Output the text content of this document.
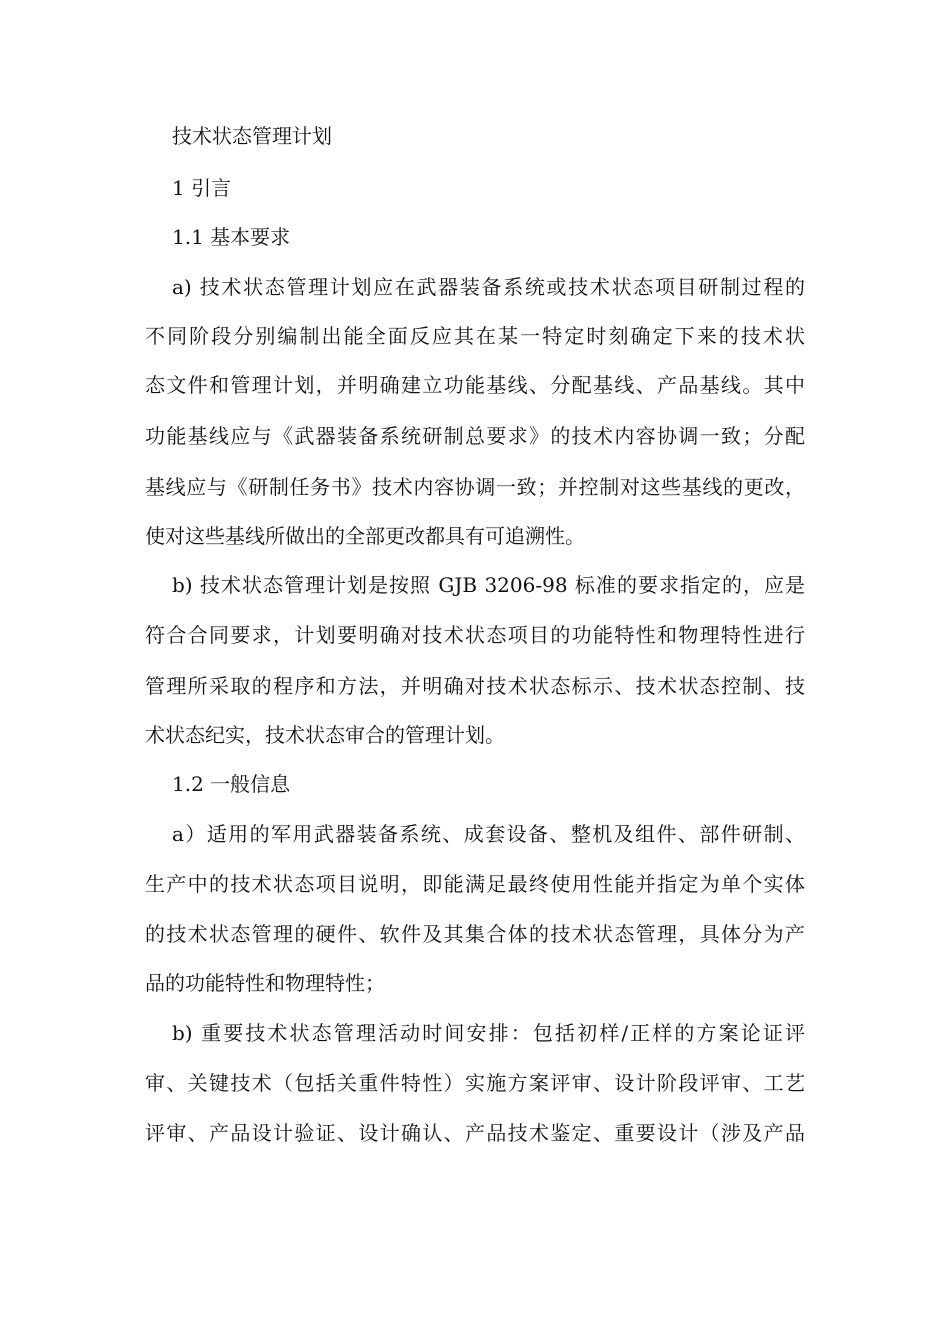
技术状态管理计划

1 引言

1.1 基本要求

a) 技术状态管理计划应在武器装备系统或技术状态项目研制过程的

不同阶段分别编制出能全面反应其在某一特定时刻确定下来的技术状

态文件和管理计划，并明确建立功能基线、分配基线、产品基线。其中

功能基线应与《武器装备系统研制总要求》的技术内容协调一致；分配

基线应与《研制任务书》技术内容协调一致；并控制对这些基线的更改，

使对这些基线所做出的全部更改都具有可追溯性。

b) 技术状态管理计划是按照 GJB 3206-98 标准的要求指定的，应是

符合合同要求，计划要明确对技术状态项目的功能特性和物理特性进行

管理所采取的程序和方法，并明确对技术状态标示、技术状态控制、技

术状态纪实，技术状态审合的管理计划。

1.2 一般信息

a）适用的军用武器装备系统、成套设备、整机及组件、部件研制、

生产中的技术状态项目说明，即能满足最终使用性能并指定为单个实体

的技术状态管理的硬件、软件及其集合体的技术状态管理，具体分为产

品的功能特性和物理特性；

b) 重要技术状态管理活动时间安排：包括初样/正样的方案论证评

审、关键技术（包括关重件特性）实施方案评审、设计阶段评审、工艺

评审、产品设计验证、设计确认、产品技术鉴定、重要设计（涉及产品
